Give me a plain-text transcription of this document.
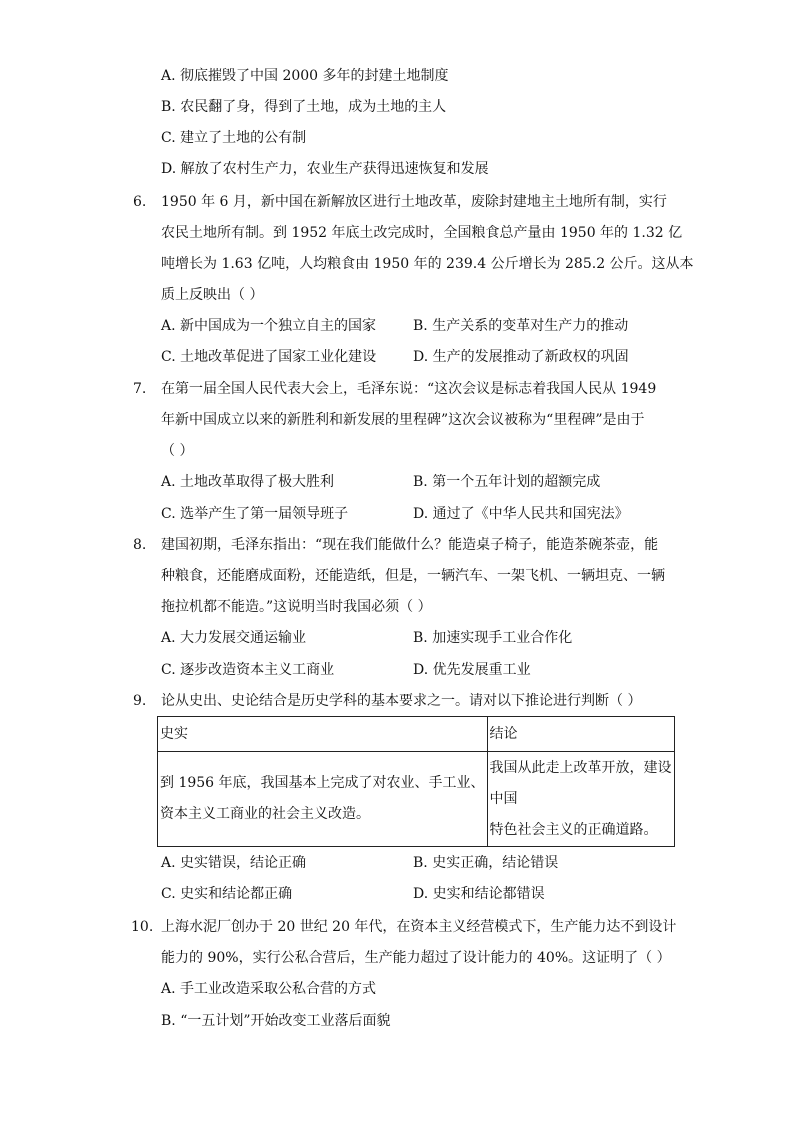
A. 彻底摧毁了中国 2000 多年的封建土地制度
B. 农民翻了身，得到了土地，成为土地的主人
C. 建立了土地的公有制
D. 解放了农村生产力，农业生产获得迅速恢复和发展
6. 1950 年 6 月，新中国在新解放区进行土地改革，废除封建地主土地所有制，实行
农民土地所有制。到 1952 年底土改完成时，全国粮食总产量由 1950 年的 1.32 亿
吨增长为 1.63 亿吨，人均粮食由 1950 年的 239.4 公斤增长为 285.2 公斤。这从本
质上反映出（ ）
A. 新中国成为一个独立自主的国家	B. 生产关系的变革对生产力的推动
C. 土地改革促进了国家工业化建设	D. 生产的发展推动了新政权的巩固
7. 在第一届全国人民代表大会上，毛泽东说：“这次会议是标志着我国人民从 1949
年新中国成立以来的新胜利和新发展的里程碑”这次会议被称为“里程碑”是由于
（ ）
A. 土地改革取得了极大胜利	B. 第一个五年计划的超额完成
C. 选举产生了第一届领导班子	D. 通过了《中华人民共和国宪法》
8. 建国初期，毛泽东指出：“现在我们能做什么？能造桌子椅子，能造茶碗茶壶，能
种粮食，还能磨成面粉，还能造纸，但是，一辆汽车、一架飞机、一辆坦克、一辆
拖拉机都不能造。”这说明当时我国必须（ ）
A. 大力发展交通运输业	B. 加速实现手工业合作化
C. 逐步改造资本主义工商业	D. 优先发展重工业
9. 论从史出、史论结合是历史学科的基本要求之一。请对以下推论进行判断（ ）
史实	结论

到 1956 年底，我国基本上完成了对农业、手工业、
资本主义工商业的社会主义改造。	我国从此走上改革开放，建设
中国
特色社会主义的正确道路。
A. 史实错误，结论正确	B. 史实正确，结论错误
C. 史实和结论都正确	D. 史实和结论都错误
10. 上海水泥厂创办于 20 世纪 20 年代，在资本主义经营模式下，生产能力达不到设计
能力的 90%，实行公私合营后，生产能力超过了设计能力的 40%。这证明了（ ）
A. 手工业改造采取公私合营的方式
B. “一五计划”开始改变工业落后面貌
